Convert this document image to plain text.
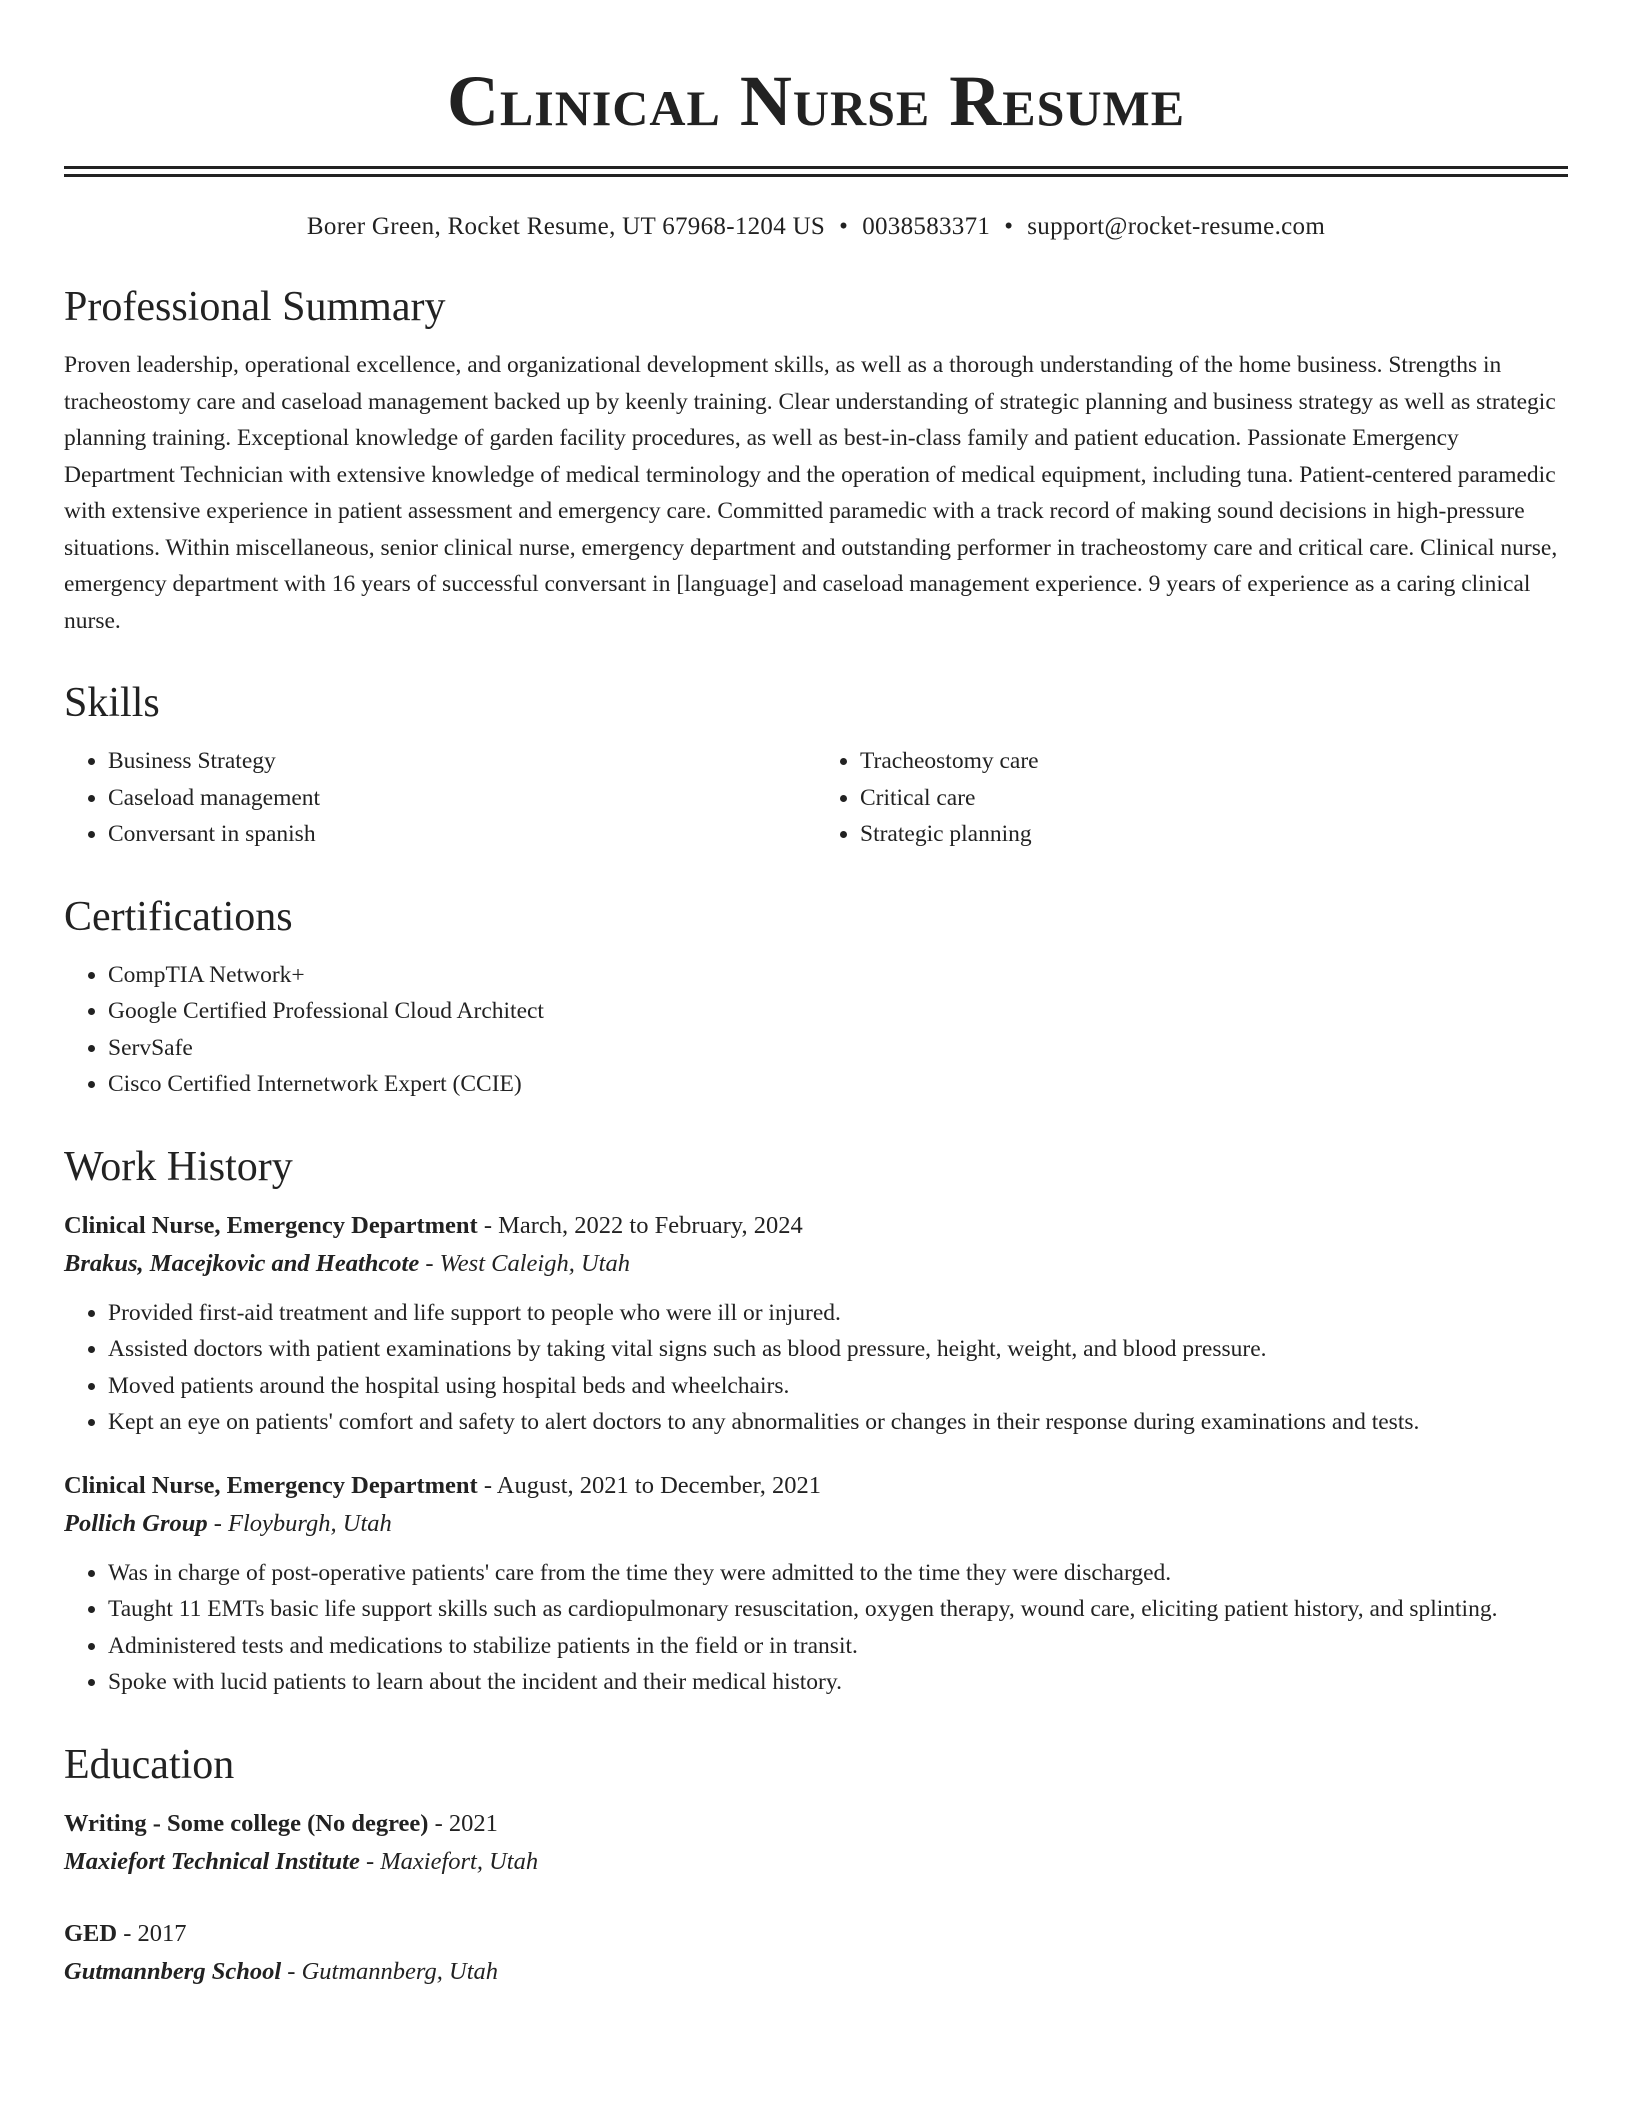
Clinical Nurse Resume
Borer Green, Rocket Resume, UT 67968-1204 US • 0038583371 • support@rocket-resume.com
Professional Summary

Proven leadership, operational excellence, and organizational development skills, as well as a thorough understanding of the home business. Strengths in tracheostomy care and caseload management backed up by keenly training. Clear understanding of strategic planning and business strategy as well as strategic planning training. Exceptional knowledge of garden facility procedures, as well as best-in-class family and patient education. Passionate Emergency Department Technician with extensive knowledge of medical terminology and the operation of medical equipment, including tuna. Patient-centered paramedic with extensive experience in patient assessment and emergency care. Committed paramedic with a track record of making sound decisions in high-pressure situations. Within miscellaneous, senior clinical nurse, emergency department and outstanding performer in tracheostomy care and critical care. Clinical nurse, emergency department with 16 years of successful conversant in [language] and caseload management experience. 9 years of experience as a caring clinical nurse.

Skills
• Business Strategy
• Caseload management
• Conversant in spanish
• Tracheostomy care
• Critical care
• Strategic planning
Certifications
• CompTIA Network+
• Google Certified Professional Cloud Architect
• ServSafe
• Cisco Certified Internetwork Expert (CCIE)
Work History
Clinical Nurse, Emergency Department - March, 2022 to February, 2024
Brakus, Macejkovic and Heathcote - West Caleigh, Utah
• Provided first-aid treatment and life support to people who were ill or injured.
• Assisted doctors with patient examinations by taking vital signs such as blood pressure, height, weight, and blood pressure.
• Moved patients around the hospital using hospital beds and wheelchairs.
• Kept an eye on patients' comfort and safety to alert doctors to any abnormalities or changes in their response during examinations and tests.
Clinical Nurse, Emergency Department - August, 2021 to December, 2021
Pollich Group - Floyburgh, Utah
• Was in charge of post-operative patients' care from the time they were admitted to the time they were discharged.
• Taught 11 EMTs basic life support skills such as cardiopulmonary resuscitation, oxygen therapy, wound care, eliciting patient history, and splinting.
• Administered tests and medications to stabilize patients in the field or in transit.
• Spoke with lucid patients to learn about the incident and their medical history.
Education
Writing - Some college (No degree) - 2021
Maxiefort Technical Institute - Maxiefort, Utah
GED - 2017
Gutmannberg School - Gutmannberg, Utah
